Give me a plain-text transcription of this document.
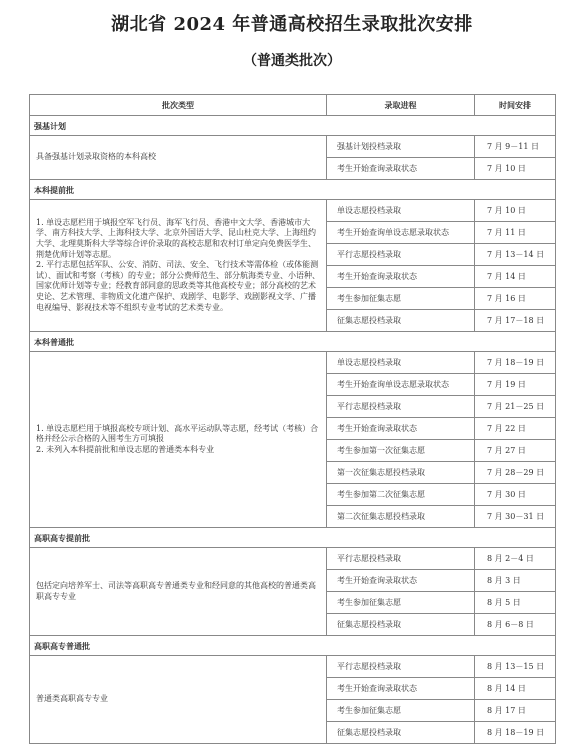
湖北省 2024 年普通高校招生录取批次安排
（普通类批次）
批次类型	录取进程	时间安排
强基计划		

具备强基计划录取资格的本科高校	强基计划投档录取	7 月 9－11 日
	考生开始查询录取状态	7 月 10 日
本科提前批		

1. 单设志愿栏用于填报空军飞行员、海军飞行员、香港中文大学、香港城市大学、南方科技大学、上海科技大学、北京外国语大学、昆山杜克大学、上海纽约大学、北理莫斯科大学等综合评价录取的高校志愿和农村订单定向免费医学生、荆楚优师计划等志愿。

2. 平行志愿包括军队、公安、消防、司法、安全、飞行技术等需体检（或体能测试）、面试和考察（考核）的专业；部分公费师范生、部分航海类专业、小语种、国家优师计划等专业；经教育部同意的思政类等其他高校专业；部分高校的艺术史论、艺术管理、非物质文化遗产保护、戏剧学、电影学、戏剧影视文学、广播电视编导、影视技术等不组织专业考试的艺术类专业。	单设志愿投档录取	7 月 10 日
	考生开始查询单设志愿录取状态	7 月 11 日
	平行志愿投档录取	7 月 13－14 日
	考生开始查询录取状态	7 月 14 日
	考生参加征集志愿	7 月 16 日
	征集志愿投档录取	7 月 17－18 日
本科普通批		

1. 单设志愿栏用于填报高校专项计划、高水平运动队等志愿，经考试（考核）合格并经公示合格的入围考生方可填报

2. 未列入本科提前批和单设志愿的普通类本科专业	单设志愿投档录取	7 月 18－19 日
	考生开始查询单设志愿录取状态	7 月 19 日
	平行志愿投档录取	7 月 21－25 日
	考生开始查询录取状态	7 月 22 日
	考生参加第一次征集志愿	7 月 27 日
	第一次征集志愿投档录取	7 月 28－29 日
	考生参加第二次征集志愿	7 月 30 日
	第二次征集志愿投档录取	7 月 30－31 日
高职高专提前批		

包括定向培养军士、司法等高职高专普通类专业和经同意的其他高校的普通类高职高专专业	平行志愿投档录取	8 月 2－4 日
	考生开始查询录取状态	8 月 3 日
	考生参加征集志愿	8 月 5 日
	征集志愿投档录取	8 月 6－8 日
高职高专普通批		

普通类高职高专专业	平行志愿投档录取	8 月 13－15 日
	考生开始查询录取状态	8 月 14 日
	考生参加征集志愿	8 月 17 日
	征集志愿投档录取	8 月 18－19 日
